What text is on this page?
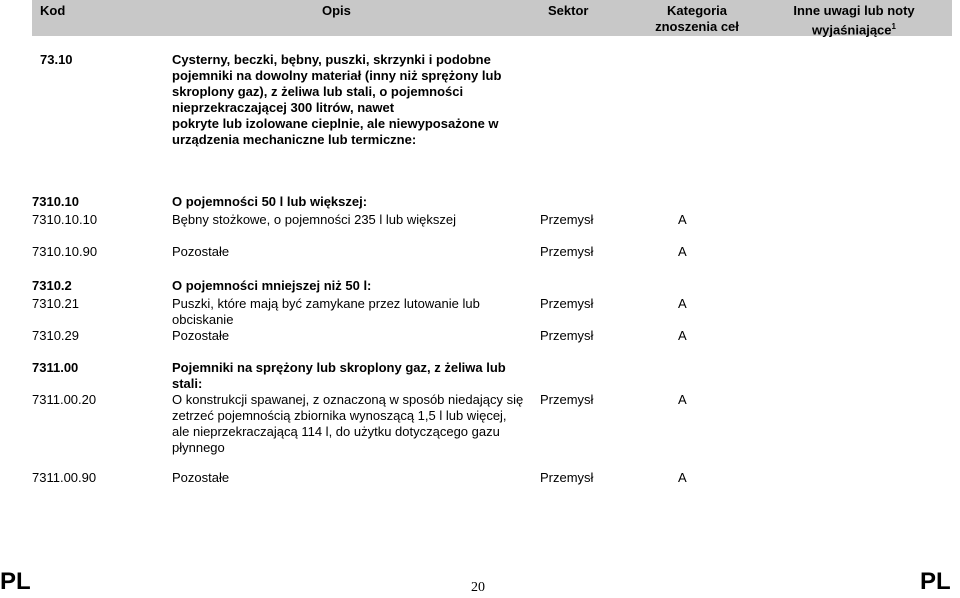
Kod	Opis	Sektor	Kategoria
znoszenia ceł
Inne uwagi lub noty
wyjaśniające$^1$
73.10	Cysterny, beczki, bębny, puszki, skrzynki i podobne
pojemniki na dowolny materiał (inny niż sprężony lub
skroplony gaz), z żeliwa lub stali, o pojemności
nieprzekraczającej 300 litrów, nawet
pokryte lub izolowane cieplnie, ale niewyposażone w
urządzenia mechaniczne lub termiczne:
7310.10	O pojemności 50 l lub większej:
7310.10.10	Bębny stożkowe, o pojemności 235 l lub większej	Przemysł	A
7310.10.90	Pozostałe	Przemysł	A
7310.2	O pojemności mniejszej niż 50 l:
7310.21	Puszki, które mają być zamykane przez lutowanie lub
obciskanie
Przemysł	A
7310.29	Pozostałe	Przemysł	A
7311.00	Pojemniki na sprężony lub skroplony gaz, z żeliwa lub
stali:
7311.00.20	O konstrukcji spawanej, z oznaczoną w sposób niedający się
zetrzeć pojemnością zbiornika wynoszącą 1,5 l lub więcej,
ale nieprzekraczającą 114 l, do użytku dotyczącego gazu
płynnego
Przemysł	A
7311.00.90	Pozostałe	Przemysł	A
PL	20	PL
